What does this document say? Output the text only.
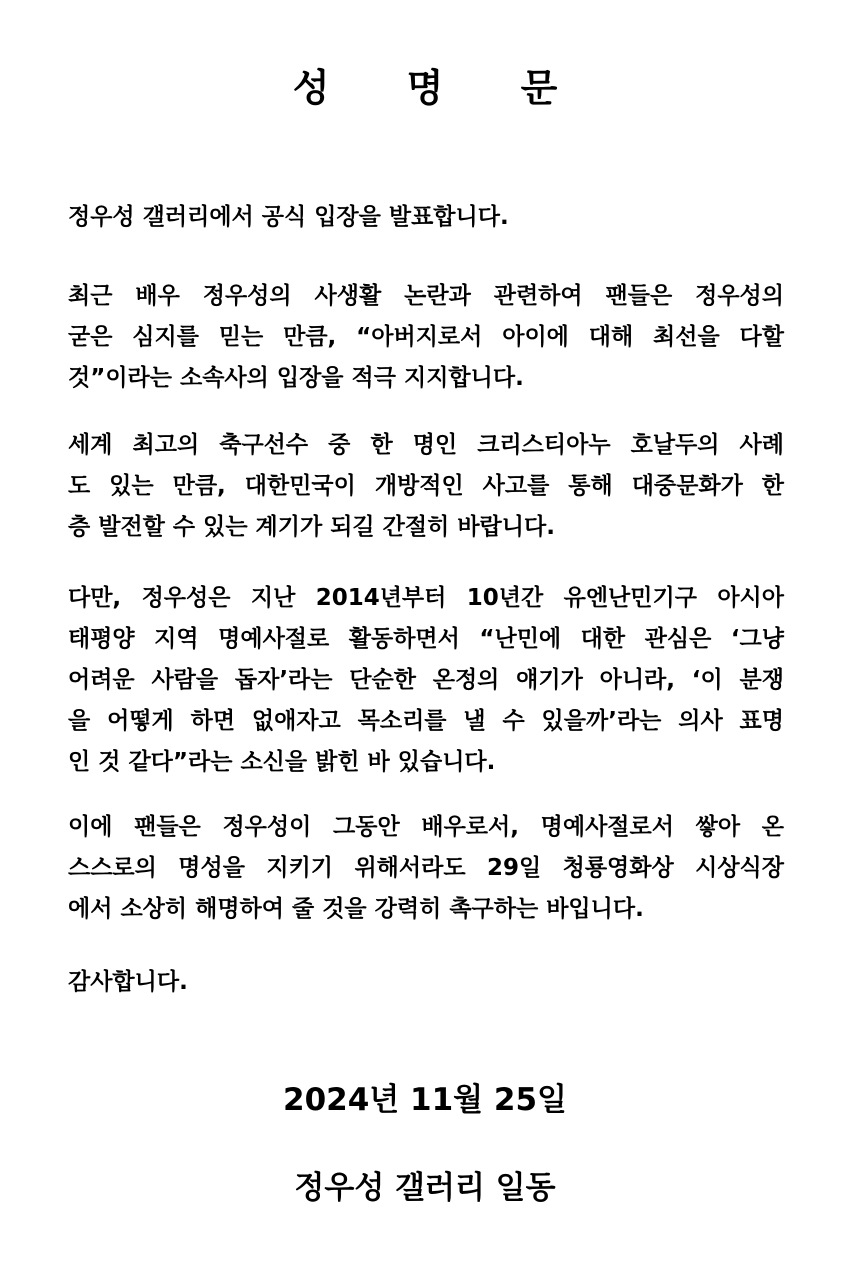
성 명 문
정우성 갤러리에서 공식 입장을 발표합니다.
최근 배우 정우성의 사생활 논란과 관련하여 팬들은 정우성의
굳은 심지를 믿는 만큼, “아버지로서 아이에 대해 최선을 다할
것”이라는 소속사의 입장을 적극 지지합니다.
세계 최고의 축구선수 중 한 명인 크리스티아누 호날두의 사례
도 있는 만큼, 대한민국이 개방적인 사고를 통해 대중문화가 한
층 발전할 수 있는 계기가 되길 간절히 바랍니다.
다만, 정우성은 지난 2014년부터 10년간 유엔난민기구 아시아
태평양 지역 명예사절로 활동하면서 “난민에 대한 관심은 ‘그냥
어려운 사람을 돕자’라는 단순한 온정의 얘기가 아니라, ‘이 분쟁
을 어떻게 하면 없애자고 목소리를 낼 수 있을까’라는 의사 표명
인 것 같다”라는 소신을 밝힌 바 있습니다.
이에 팬들은 정우성이 그동안 배우로서, 명예사절로서 쌓아 온
스스로의 명성을 지키기 위해서라도 29일 청룡영화상 시상식장
에서 소상히 해명하여 줄 것을 강력히 촉구하는 바입니다.
감사합니다.
2024년 11월 25일
정우성 갤러리 일동
